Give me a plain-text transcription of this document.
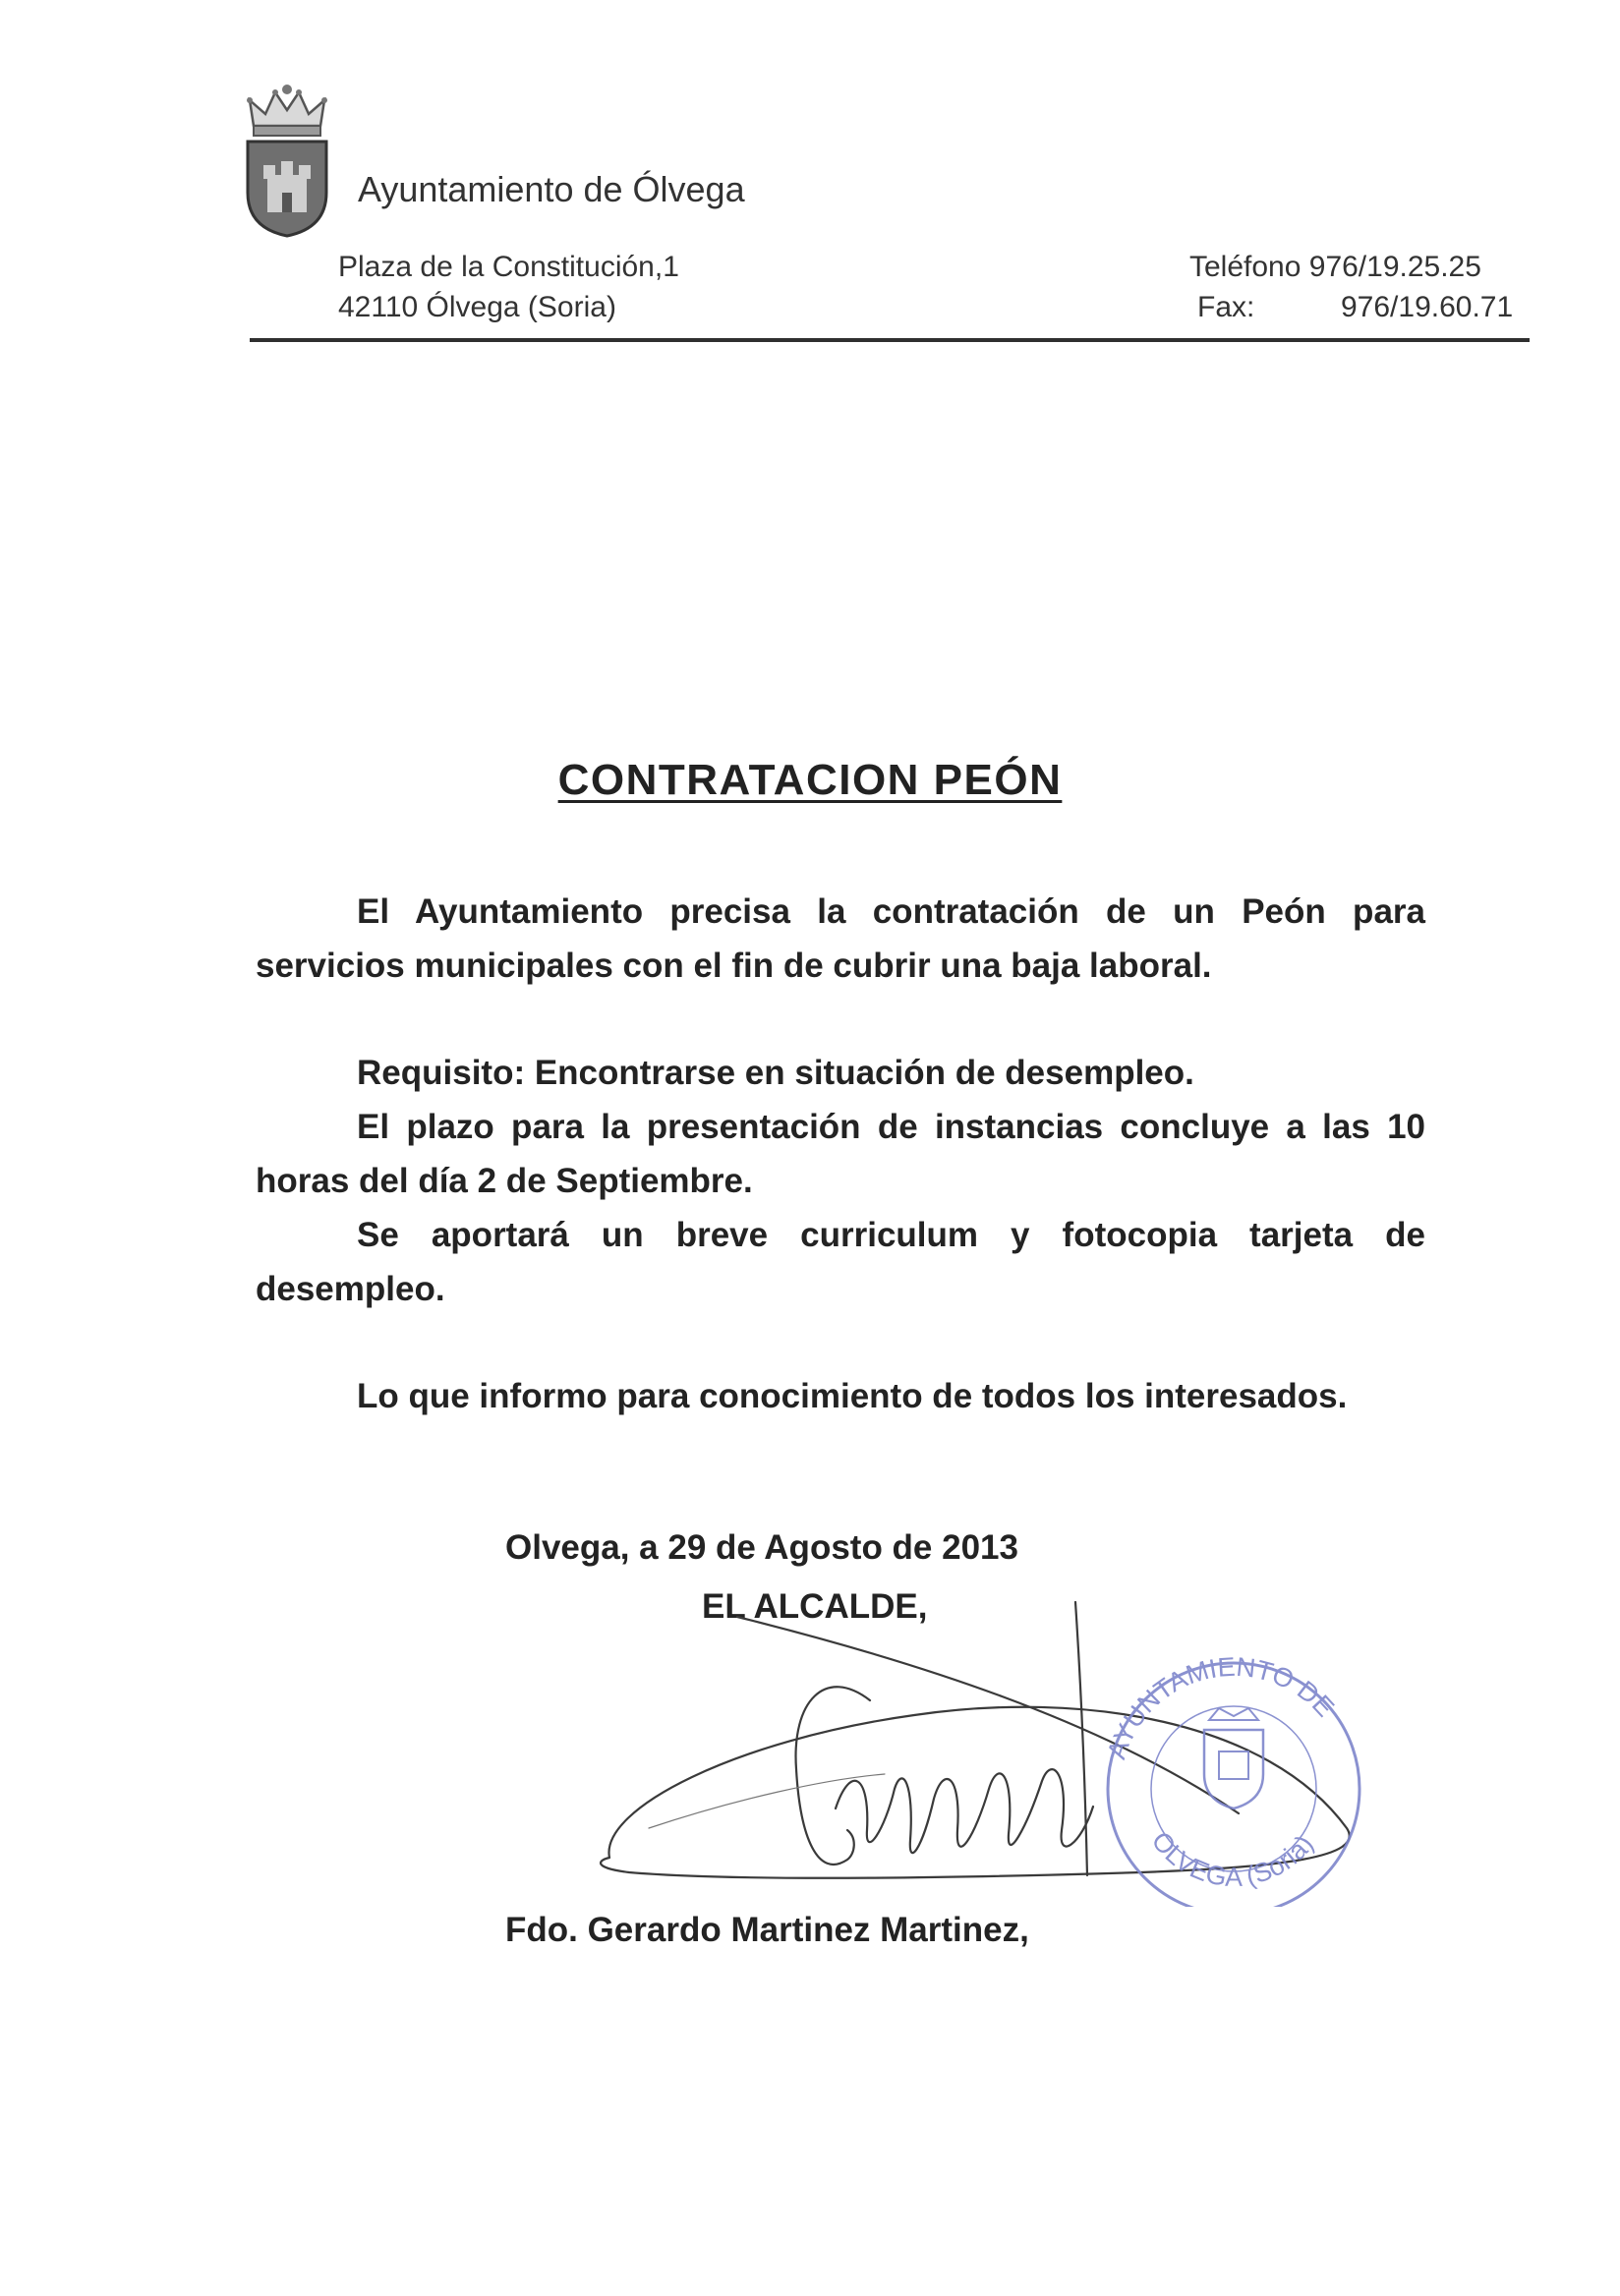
Ayuntamiento de Ólvega
Plaza de la Constitución,1
42110 Ólvega (Soria)
Teléfono 976/19.25.25
Fax:	976/19.60.71
CONTRATACION PEÓN
El Ayuntamiento precisa la contratación de un Peón para servicios municipales con el fin de cubrir una baja laboral.
Requisito: Encontrarse en situación de desempleo.
El plazo para la presentación de instancias concluye a las 10 horas del día 2 de Septiembre.
Se aportará un breve curriculum y fotocopia tarjeta de desempleo.
Lo que informo para conocimiento de todos los interesados.
Olvega, a 29 de Agosto de 2013
EL ALCALDE,
AYUNTAMIENTO DE
OLVEGA (Soria)
Fdo. Gerardo Martinez Martinez,
